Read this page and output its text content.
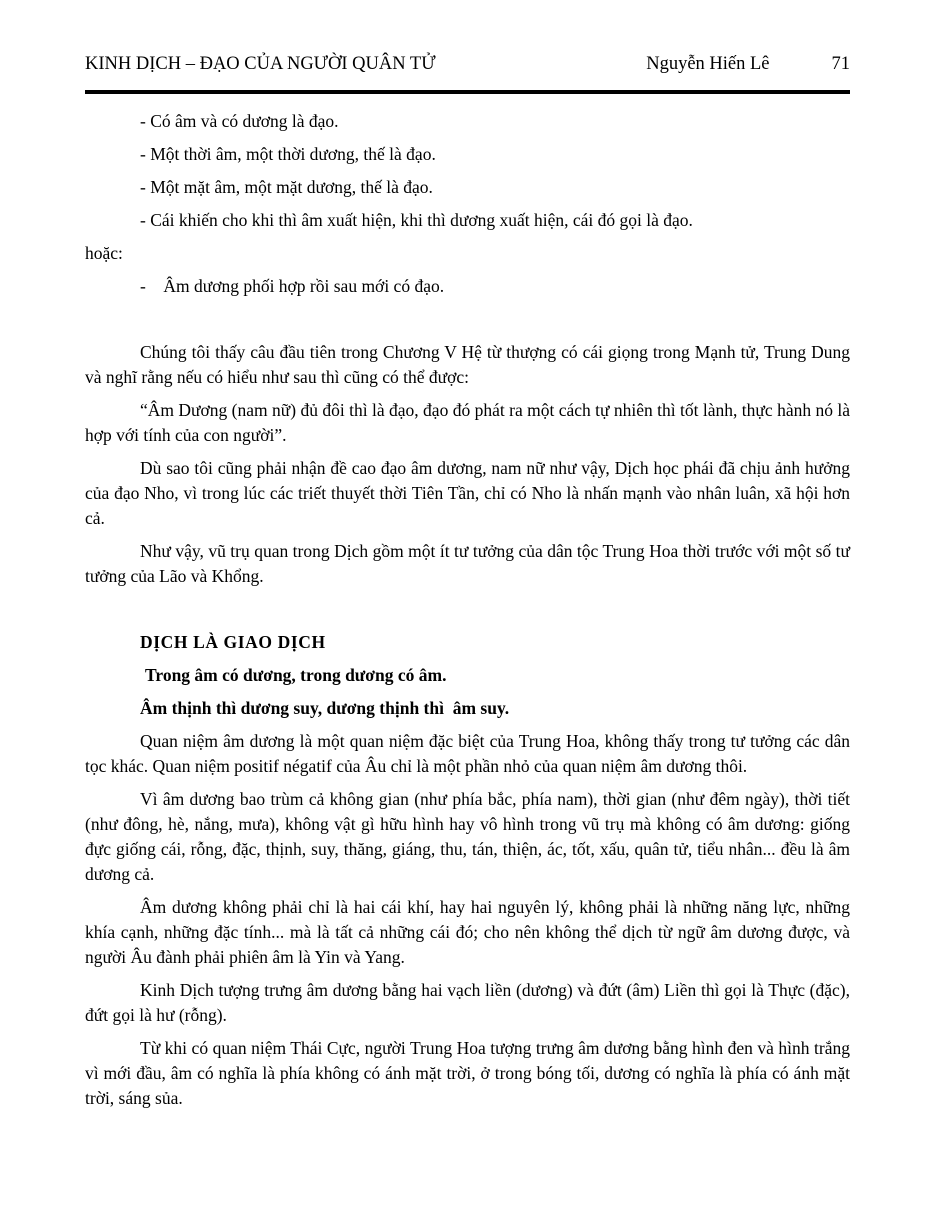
KINH DỊCH – ĐẠO CỦA NGƯỜI QUÂN TỬ	Nguyễn Hiến Lê	71

- Có âm và có dương là đạo.

- Một thời âm, một thời dương, thế là đạo.

- Một mặt âm, một mặt dương, thế là đạo.

- Cái khiến cho khi thì âm xuất hiện, khi thì dương xuất hiện, cái đó gọi là đạo.

hoặc:

-    Âm dương phối hợp rồi sau mới có đạo.

Chúng tôi thấy câu đầu tiên trong Chương V Hệ từ thượng có cái giọng trong Mạnh tử, Trung Dung và nghĩ rằng nếu có hiểu như sau thì cũng có thể được:

“Âm Dương (nam nữ) đủ đôi thì là đạo, đạo đó phát ra một cách tự nhiên thì tốt lành, thực hành nó là hợp với tính của con người”.

Dù sao tôi cũng phải nhận đề cao đạo âm dương, nam nữ như vậy, Dịch học phái đã chịu ảnh hưởng của đạo Nho, vì trong lúc các triết thuyết thời Tiên Tần, chỉ có Nho là nhấn mạnh vào nhân luân, xã hội hơn cả.

Như vậy, vũ trụ quan trong Dịch gồm một ít tư tưởng của dân tộc Trung Hoa thời trước với một số tư tưởng của Lão và Khổng.

DỊCH LÀ GIAO DỊCH

Trong âm có dương, trong dương có âm.

Âm thịnh thì dương suy, dương thịnh thì  âm suy.

Quan niệm âm dương là một quan niệm đặc biệt của Trung Hoa, không thấy trong tư tưởng các dân tọc khác. Quan niệm positif négatif của Âu chỉ là một phần nhỏ của quan niệm âm dương thôi.

Vì âm dương bao trùm cả không gian (như phía bắc, phía nam), thời gian (như đêm ngày), thời tiết (như đông, hè, nắng, mưa), không vật gì hữu hình hay vô hình trong vũ trụ mà không có âm dương: giống đực giống cái, rỗng, đặc, thịnh, suy, thăng, giáng, thu, tán, thiện, ác, tốt, xấu, quân tử, tiểu nhân... đều là âm dương cả.

Âm dương không phải chỉ là hai cái khí, hay hai nguyên lý, không phải là những năng lực, những khía cạnh, những đặc tính... mà là tất cả những cái đó; cho nên không thể dịch từ ngữ âm dương được, và người Âu đành phải phiên âm là Yin và Yang.

Kinh Dịch tượng trưng âm dương bằng hai vạch liền (dương) và đứt (âm) Liền thì gọi là Thực (đặc), đứt gọi là hư (rỗng).

Từ khi có quan niệm Thái Cực, người Trung Hoa tượng trưng âm dương bằng hình đen và hình trắng vì mới đầu, âm có nghĩa là phía không có ánh mặt trời, ở trong bóng tối, dương có nghĩa là phía có ánh mặt trời, sáng sủa.
